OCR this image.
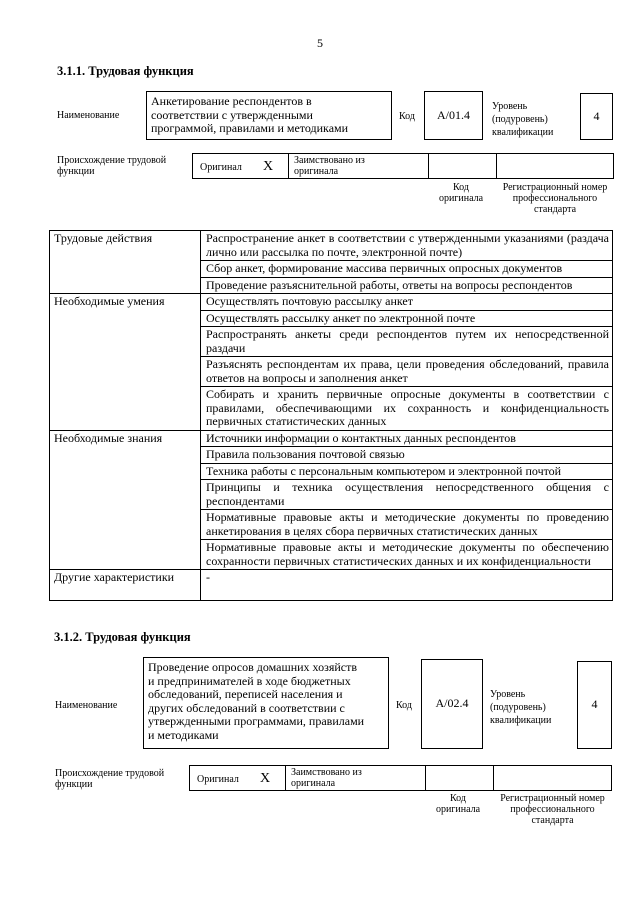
5
3.1.1. Трудовая функция
Наименование
Анкетирование респондентов в
соответствии с утвержденными
программой, правилами и методиками
Код	A/01.4
Уровень
(подуровень)
квалификации
4
Происхождение трудовой
функции	Оригинал X Заимствовано из
оригинала
Код
оригинала
Регистрационный номер
профессионального
стандарта
Трудовые действия	Распространение анкет в соответствии с утвержденными указаниями (раздача лично или рассылка по почте, электронной почте)
	Сбор анкет, формирование массива первичных опросных документов
	Проведение разъяснительной работы, ответы на вопросы респондентов
Необходимые умения	Осуществлять почтовую рассылку анкет
	Осуществлять рассылку анкет по электронной почте
	Распространять анкеты среди респондентов путем их непосредственной раздачи
	Разъяснять респондентам их права, цели проведения обследований, правила ответов на вопросы и заполнения анкет
	Собирать и хранить первичные опросные документы в соответствии с правилами, обеспечивающими их сохранность и конфиденциальность первичных статистических данных
Необходимые знания	Источники информации о контактных данных респондентов
	Правила пользования почтовой связью
	Техника работы с персональным компьютером и электронной почтой
	Принципы и техника осуществления непосредственного общения с респондентами
	Нормативные правовые акты и методические документы по проведению анкетирования в целях сбора первичных статистических данных
	Нормативные правовые акты и методические документы по обеспечению сохранности первичных статистических данных и их конфиденциальности
Другие характеристики	-
3.1.2. Трудовая функция
Наименование
Проведение опросов домашних хозяйств
и предпринимателей в ходе бюджетных
обследований, переписей населения и
других обследований в соответствии с
утвержденными программами, правилами
и методиками
Код	A/02.4
Уровень
(подуровень)
квалификации
4
Происхождение трудовой
функции	Оригинал X Заимствовано из
оригинала
Код
оригинала
Регистрационный номер
профессионального
стандарта
